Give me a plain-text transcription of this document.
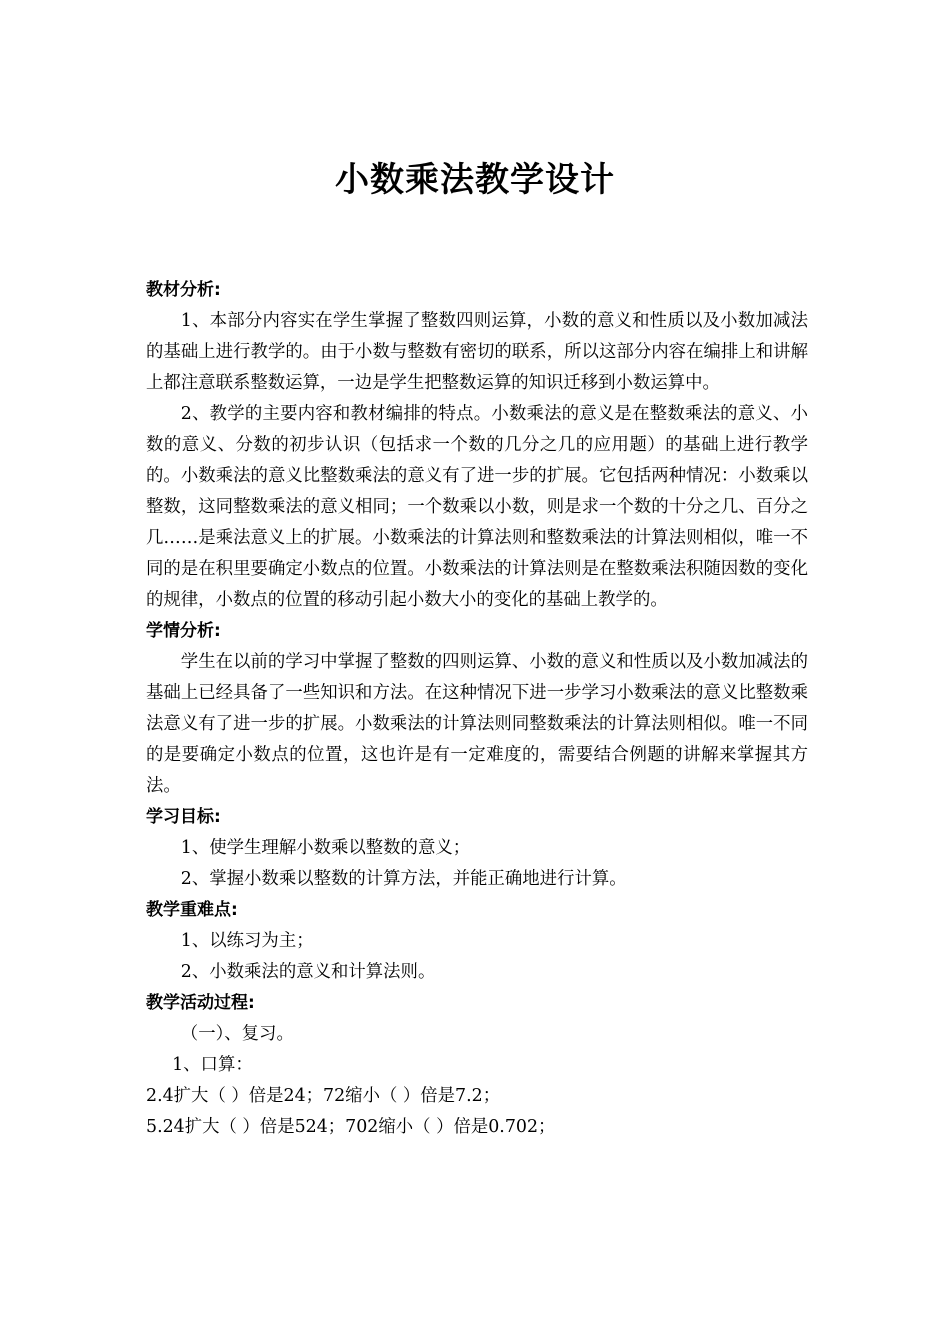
小数乘法教学设计
教材分析:

1、本部分内容实在学生掌握了整数四则运算，小数的意义和性质以及小数加减法的基础上进行教学的。由于小数与整数有密切的联系，所以这部分内容在编排上和讲解上都注意联系整数运算，一边是学生把整数运算的知识迁移到小数运算中。

2、教学的主要内容和教材编排的特点。小数乘法的意义是在整数乘法的意义、小数的意义、分数的初步认识（包括求一个数的几分之几的应用题）的基础上进行教学的。小数乘法的意义比整数乘法的意义有了进一步的扩展。它包括两种情况：小数乘以整数，这同整数乘法的意义相同；一个数乘以小数，则是求一个数的十分之几、百分之几……是乘法意义上的扩展。小数乘法的计算法则和整数乘法的计算法则相似，唯一不同的是在积里要确定小数点的位置。小数乘法的计算法则是在整数乘法积随因数的变化的规律，小数点的位置的移动引起小数大小的变化的基础上教学的。

学情分析:

学生在以前的学习中掌握了整数的四则运算、小数的意义和性质以及小数加减法的基础上已经具备了一些知识和方法。在这种情况下进一步学习小数乘法的意义比整数乘法意义有了进一步的扩展。小数乘法的计算法则同整数乘法的计算法则相似。唯一不同的是要确定小数点的位置，这也许是有一定难度的，需要结合例题的讲解来掌握其方法。

学习目标:

1、使学生理解小数乘以整数的意义；

2、掌握小数乘以整数的计算方法，并能正确地进行计算。

教学重难点:

1、以练习为主；

2、小数乘法的意义和计算法则。

教学活动过程:

（一）、复习。

1、口算：

2.4扩大（ ）倍是24；72缩小（ ）倍是7.2；

5.24扩大（ ）倍是524；702缩小（ ）倍是0.702；
